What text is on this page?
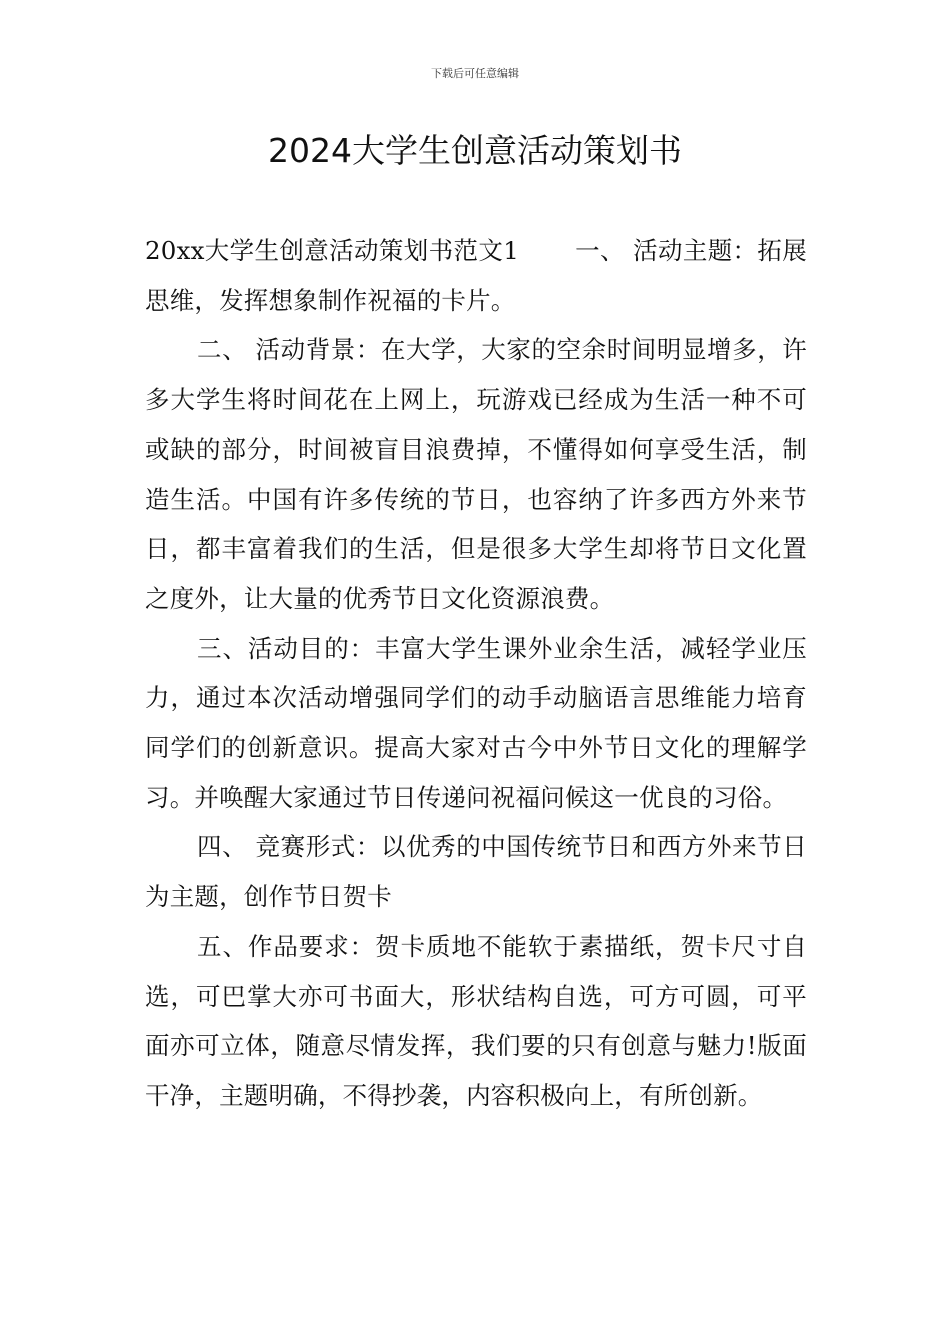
下载后可任意编辑
2024大学生创意活动策划书

20xx大学生创意活动策划书范文1 一、 活动主题：拓展思维，发挥想象制作祝福的卡片。

二、 活动背景：在大学，大家的空余时间明显增多，许多大学生将时间花在上网上，玩游戏已经成为生活一种不可或缺的部分，时间被盲目浪费掉，不懂得如何享受生活，制造生活。中国有许多传统的节日，也容纳了许多西方外来节日，都丰富着我们的生活，但是很多大学生却将节日文化置之度外，让大量的优秀节日文化资源浪费。

三、活动目的：丰富大学生课外业余生活，减轻学业压力，通过本次活动增强同学们的动手动脑语言思维能力培育同学们的创新意识。提高大家对古今中外节日文化的理解学习。并唤醒大家通过节日传递问祝福问候这一优良的习俗。

四、 竞赛形式：以优秀的中国传统节日和西方外来节日为主题，创作节日贺卡

五、作品要求：贺卡质地不能软于素描纸，贺卡尺寸自选，可巴掌大亦可书面大，形状结构自选，可方可圆，可平面亦可立体，随意尽情发挥，我们要的只有创意与魅力!版面干净，主题明确，不得抄袭，内容积极向上，有所创新。
